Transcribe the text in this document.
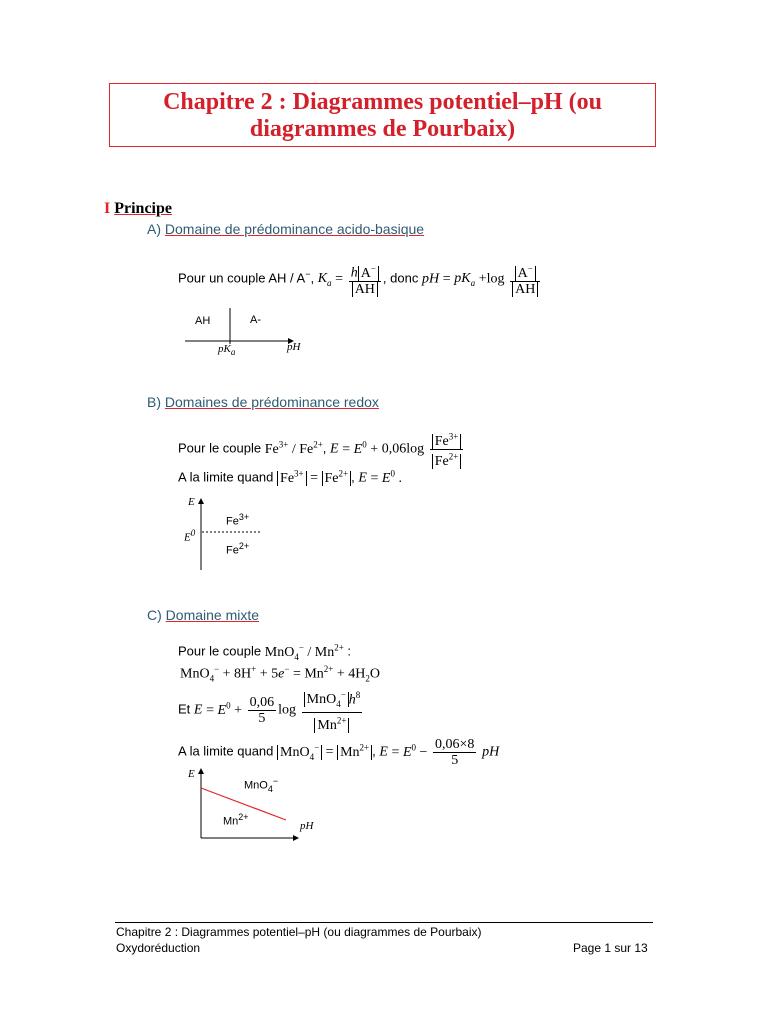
Chapitre 2 : Diagrammes potentiel–pH (ou
diagrammes de Pourbaix)
I Principe
A) Domaine de prédominance acido-basique
Pour un couple AH / A−, $K_a = \frac{h A^-}{AH}$ , donc pH = $pK_a +\log \frac{A^-}{AH}$
AH	A-
$pK_a$	pH
B) Domaines de prédominance redox
Pour le couple $Fe^{3+} / Fe^{2+}$, $E = E^0 + 0,06\log \frac{Fe^{3+}}{Fe^{2+}}$
A la limite quand $Fe^{3+} = Fe^{2+}$ , $E = E^0$ .
E
$E^0$
$Fe^{3+}$
$Fe^{2+}$
C) Domaine mixte
Pour le couple $MnO_4^- / Mn^{2+}$ :
$MnO_4^- + 8H^+ + 5e^- = Mn^{2+} + 4H_2O$
Et $E = E^0 + \frac{0,06}{5}$ $\log \frac{MnO_4^- h^8}{Mn^{2+}}$
A la limite quand $MnO_4^- = Mn^{2+}$ , $E = E^0 - \frac{0,06\times 8}{5}$ pH
E
MnO$_4$−
$Mn^{2+}$
pH
Chapitre 2 : Diagrammes potentiel–pH (ou diagrammes de Pourbaix)
Oxydoréduction	Page 1 sur 13
